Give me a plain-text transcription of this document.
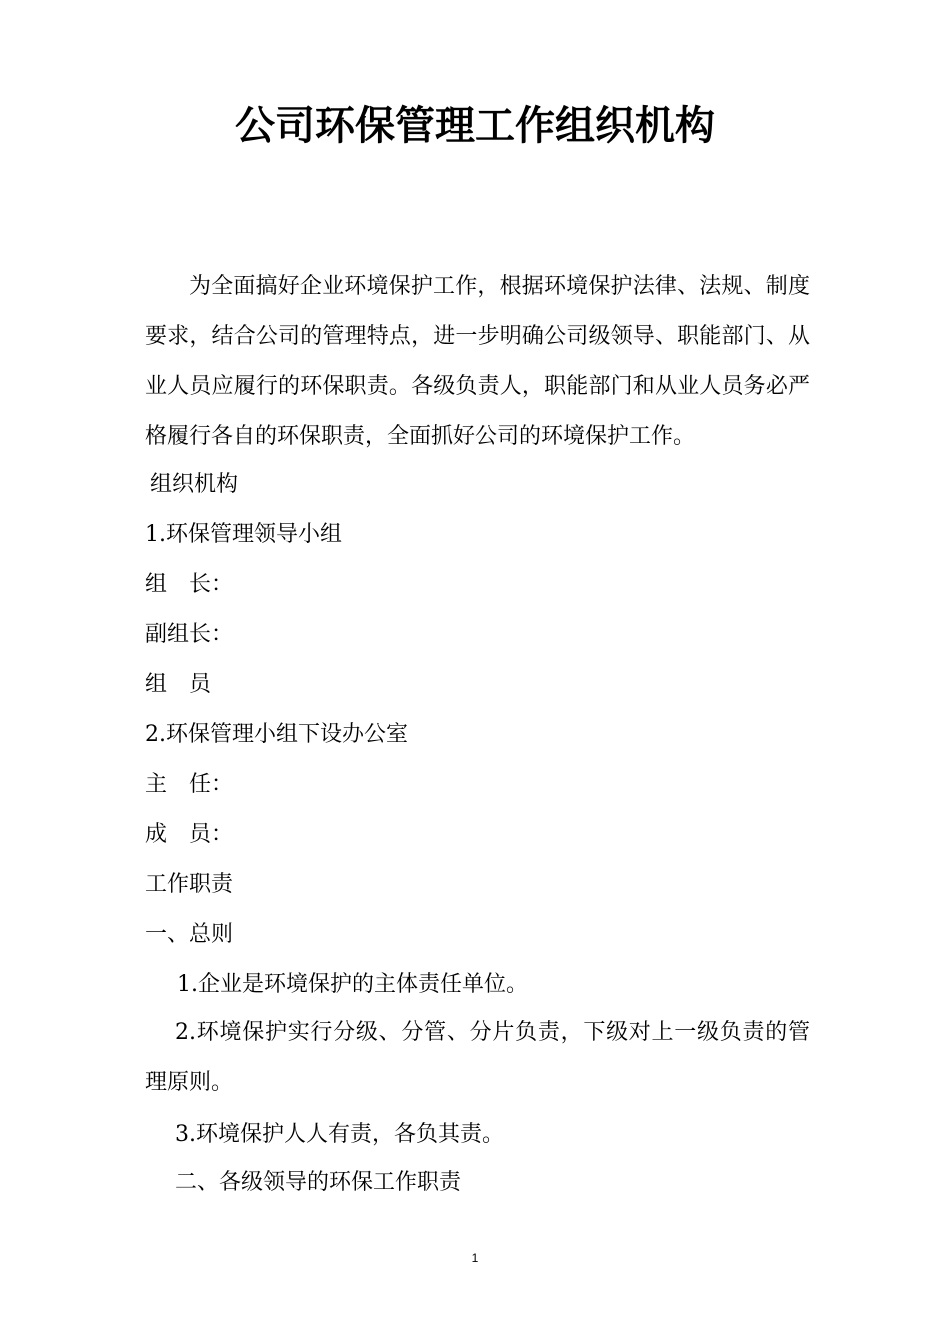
公司环保管理工作组织机构
为全面搞好企业环境保护工作，根据环境保护法律、法规、制度要求，结合公司的管理特点，进一步明确公司级领导、职能部门、从业人员应履行的环保职责。各级负责人，职能部门和从业人员务必严格履行各自的环保职责，全面抓好公司的环境保护工作。
组织机构
1.环保管理领导小组
组　长：
副组长：
组　员
2.环保管理小组下设办公室
主　任：
成　员：
工作职责
一、总则
1.企业是环境保护的主体责任单位。
2.环境保护实行分级、分管、分片负责，下级对上一级负责的管理原则。
3.环境保护人人有责，各负其责。
二、各级领导的环保工作职责
1
